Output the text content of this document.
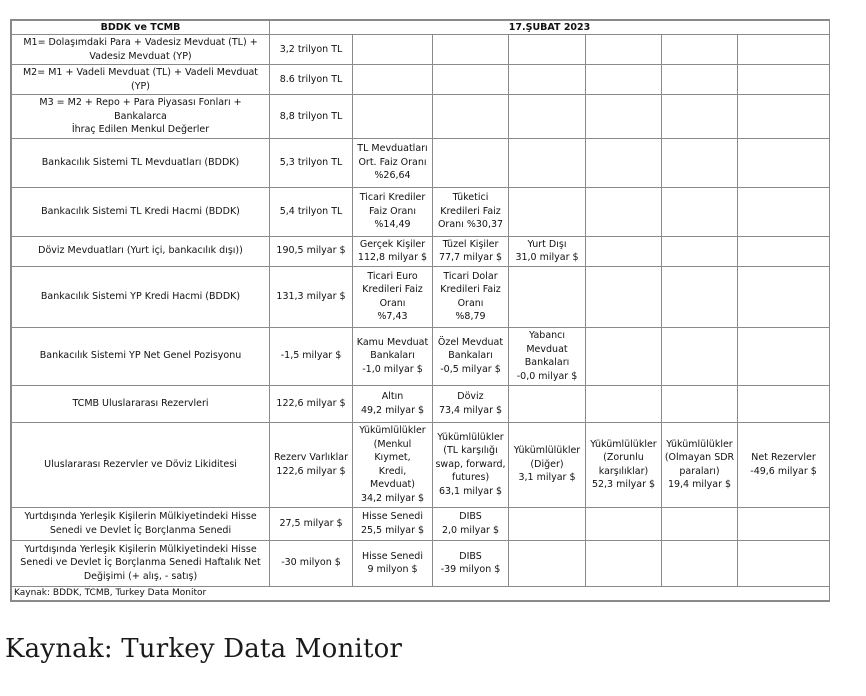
BDDK ve TCMB	17.ŞUBAT 2023						
M1= Dolaşımdaki Para + Vadesiz Mevduat (TL) +
Vadesiz Mevduat (YP)	3,2 trilyon TL						
M2= M1 + Vadeli Mevduat (TL) + Vadeli Mevduat (YP)	8.6 trilyon TL						
M3 = M2 + Repo + Para Piyasası Fonları + Bankalarca
İhraç Edilen Menkul Değerler	8,8 trilyon TL						
Bankacılık Sistemi TL Mevduatları (BDDK)	5,3 trilyon TL	TL Mevduatları
Ort. Faiz Oranı
%26,64					
Bankacılık Sistemi TL Kredi Hacmi (BDDK)	5,4 trilyon TL	Ticari Krediler
Faiz Oranı
%14,49	Tüketici
Kredileri Faiz
Oranı %30,37				
Döviz Mevduatları (Yurt içi, bankacılık dışı))	190,5 milyar $	Gerçek Kişiler
112,8 milyar $	Tüzel Kişiler
77,7 milyar $	Yurt Dışı
31,0 milyar $			
Bankacılık Sistemi YP Kredi Hacmi (BDDK)	131,3 milyar $	Ticari Euro
Kredileri Faiz
Oranı
%7,43	Ticari Dolar
Kredileri Faiz
Oranı
%8,79				
Bankacılık Sistemi YP Net Genel Pozisyonu	-1,5 milyar $	Kamu Mevduat
Bankaları
-1,0 milyar $	Özel Mevduat
Bankaları
-0,5 milyar $	Yabancı
Mevduat
Bankaları
-0,0 milyar $			
TCMB Uluslararası Rezervleri	122,6 milyar $	Altın
49,2 milyar $	Döviz
73,4 milyar $				
Uluslararası Rezervler ve Döviz Likiditesi	Rezerv Varlıklar
122,6 milyar $	Yükümlülükler
(Menkul Kıymet,
Kredi, Mevduat)
34,2 milyar $	Yükümlülükler
(TL karşılığı
swap, forward,
futures)
63,1 milyar $	Yükümlülükler
(Diğer)
3,1 milyar $	Yükümlülükler
(Zorunlu
karşılıklar)
52,3 milyar $	Yükümlülükler
(Olmayan SDR
paraları)
19,4 milyar $	Net Rezervler
-49,6 milyar $
Yurtdışında Yerleşik Kişilerin Mülkiyetindeki Hisse
Senedi ve Devlet İç Borçlanma Senedi	27,5 milyar $	Hisse Senedi
25,5 milyar $	DIBS
2,0 milyar $				
Yurtdışında Yerleşik Kişilerin Mülkiyetindeki Hisse
Senedi ve Devlet İç Borçlanma Senedi Haftalık Net
Değişimi (+ alış, - satış)	-30 milyon $	Hisse Senedi
9 milyon $	DIBS
-39 milyon $				
Kaynak: BDDK, TCMB, Turkey Data Monitor							
Kaynak: Turkey Data Monitor
